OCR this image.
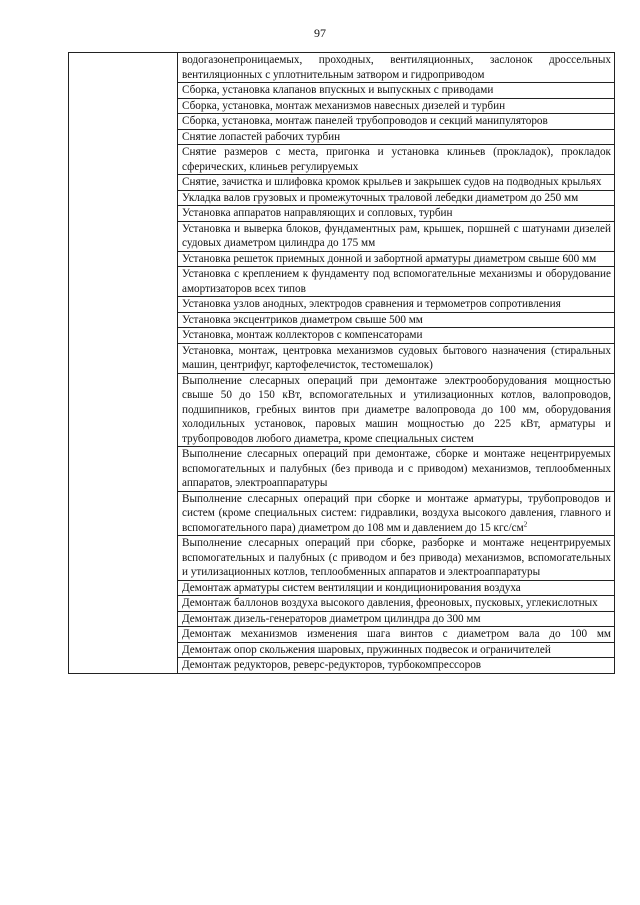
97
	водогазонепроницаемых, проходных, вентиляционных, заслонок дроссельных вентиляционных с уплотнительным затвором и гидроприводом
Сборка, установка клапанов впускных и выпускных с приводами
Сборка, установка, монтаж механизмов навесных дизелей и турбин
Сборка, установка, монтаж панелей трубопроводов и секций манипуляторов
Снятие лопастей рабочих турбин
Снятие размеров с места, пригонка и установка клиньев (прокладок), прокладок сферических, клиньев регулируемых
Снятие, зачистка и шлифовка кромок крыльев и закрышек судов на подводных крыльях
Укладка валов грузовых и промежуточных траловой лебедки диаметром до 250 мм
Установка аппаратов направляющих и сопловых, турбин
Установка и выверка блоков, фундаментных рам, крышек, поршней с шатунами дизелей судовых диаметром цилиндра до 175 мм
Установка решеток приемных донной и забортной арматуры диаметром свыше 600 мм
Установка с креплением к фундаменту под вспомогательные механизмы и оборудование амортизаторов всех типов
Установка узлов анодных, электродов сравнения и термометров сопротивления
Установка эксцентриков диаметром свыше 500 мм
Установка, монтаж коллекторов с компенсаторами
Установка, монтаж, центровка механизмов судовых бытового назначения (стиральных машин, центрифуг, картофелечисток, тестомешалок)
Выполнение слесарных операций при демонтаже электрооборудования мощностью свыше 50 до 150 кВт, вспомогательных и утилизационных котлов, валопроводов, подшипников, гребных винтов при диаметре валопровода до 100 мм, оборудования холодильных установок, паровых машин мощностью до 225 кВт, арматуры и трубопроводов любого диаметра, кроме специальных систем
Выполнение слесарных операций при демонтаже, сборке и монтаже нецентрируемых вспомогательных и палубных (без привода и с приводом) механизмов, теплообменных аппаратов, электроаппаратуры
Выполнение слесарных операций при сборке и монтаже арматуры, трубопроводов и систем (кроме специальных систем: гидравлики, воздуха высокого давления, главного и вспомогательного пара) диаметром до 108 мм и давлением до 15 кгс/$см^2$
Выполнение слесарных операций при сборке, разборке и монтаже нецентрируемых вспомогательных и палубных (с приводом и без привода) механизмов, вспомогательных и утилизационных котлов, теплообменных аппаратов и электроаппаратуры
Демонтаж арматуры систем вентиляции и кондиционирования воздуха
Демонтаж баллонов воздуха высокого давления, фреоновых, пусковых, углекислотных
Демонтаж дизель-генераторов диаметром цилиндра до 300 мм
Демонтаж механизмов изменения шага винтов с диаметром вала до 100 мм
Демонтаж опор скольжения шаровых, пружинных подвесок и ограничителей
Демонтаж редукторов, реверс-редукторов, турбокомпрессоров
